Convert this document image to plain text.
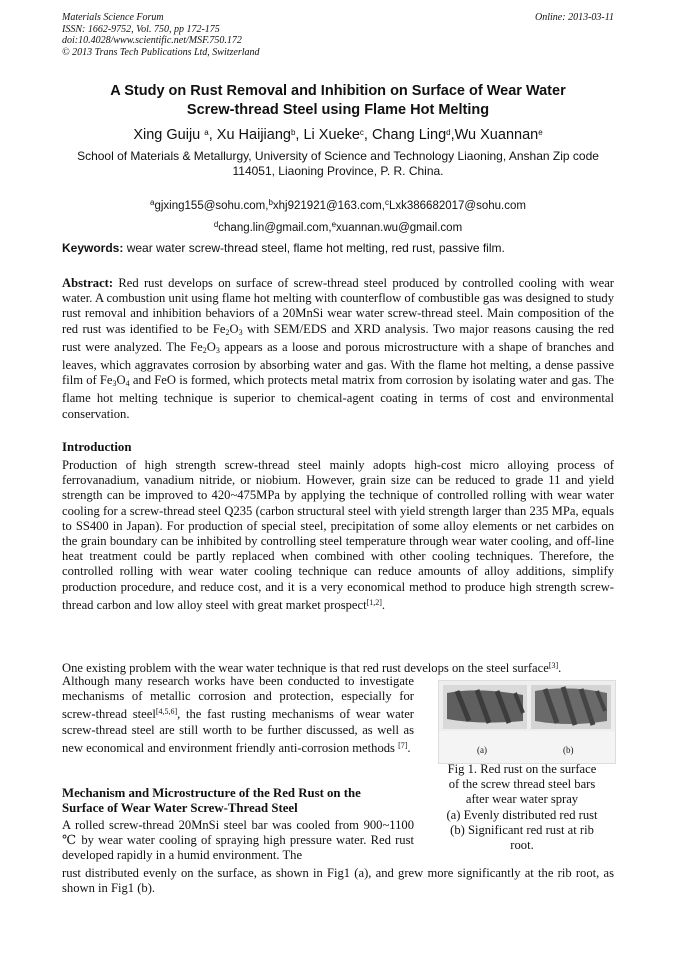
Materials Science Forum
ISSN: 1662-9752, Vol. 750, pp 172-175
doi:10.4028/www.scientific.net/MSF.750.172
© 2013 Trans Tech Publications Ltd, Switzerland
Online: 2013-03-11
A Study on Rust Removal and Inhibition on Surface of Wear Water
Screw-thread Steel using Flame Hot Melting
Xing Guiju $^a$, Xu Haijiang$^b$, Li Xueke$^c$, Chang Ling$^d$,Wu Xuannan$^e$
School of Materials & Metallurgy, University of Science and Technology Liaoning, Anshan Zip code
114051, Liaoning Province, P. R. China.
$^a$gjxing155@sohu.com,$^b$xhj921921@163.com,$^c$Lxk386682017@sohu.com
$^d$chang.lin@gmail.com,$^e$xuannan.wu@gmail.com
Keywords: wear water screw-thread steel, flame hot melting, red rust, passive film.
Abstract: Red rust develops on surface of screw-thread steel produced by controlled cooling with wear water. A combustion unit using flame hot melting with counterflow of combustible gas was designed to study rust removal and inhibition behaviors of a 20MnSi wear water screw-thread steel. Main composition of the red rust was identified to be $Fe_2O_3$ with SEM/EDS and XRD analysis. Two major reasons causing the red rust were analyzed. The $Fe_2O_3$ appears as a loose and porous microstructure with a shape of branches and leaves, which aggravates corrosion by absorbing water and gas. With the flame hot melting, a dense passive film of $Fe_3O_4$ and FeO is formed, which protects metal matrix from corrosion by isolating water and gas. The flame hot melting technique is superior to chemical-agent coating in terms of cost and environmental conservation.
Introduction
Production of high strength screw-thread steel mainly adopts high-cost micro alloying process of ferrovanadium, vanadium nitride, or niobium. However, grain size can be reduced to grade 11 and yield strength can be improved to 420~475MPa by applying the technique of controlled rolling with wear water cooling for a screw-thread steel Q235 (carbon structural steel with yield strength larger than 235 MPa, equals to SS400 in Japan). For production of special steel, precipitation of some alloy elements or net carbides on the grain boundary can be inhibited by controlling steel temperature through wear water cooling, and off-line heat treatment could be partly replaced when combined with other cooling techniques. Therefore, the controlled rolling with wear water cooling technique can reduce amounts of alloy additions, simplify production procedure, and reduce cost, and it is a very economical method to produce high strength screw-thread carbon and low alloy steel with great market prospect[1,2].
One existing problem with the wear water technique is that red rust develops on the steel surface[3].
Although many research works have been conducted to investigate mechanisms of metallic corrosion and protection, especially for screw-thread steel[4,5,6], the fast rusting mechanisms of wear water screw-thread steel are still worth to be further discussed, as well as new economical and environment friendly anti-corrosion methods [7].
Mechanism and Microstructure of the Red Rust on the
Surface of Wear Water Screw-Thread Steel
A rolled screw-thread 20MnSi steel bar was cooled from 900~1100 ℃ by wear water cooling of spraying high pressure water. Red rust developed rapidly in a humid environment. The
rust distributed evenly on the surface, as shown in Fig1 (a), and grew more significantly at the rib root, as shown in Fig1 (b).
(a)	(b)
Fig 1. Red rust on the surface
of the screw thread steel bars
after wear water spray
(a) Evenly distributed red rust
(b) Significant red rust at rib
root.
